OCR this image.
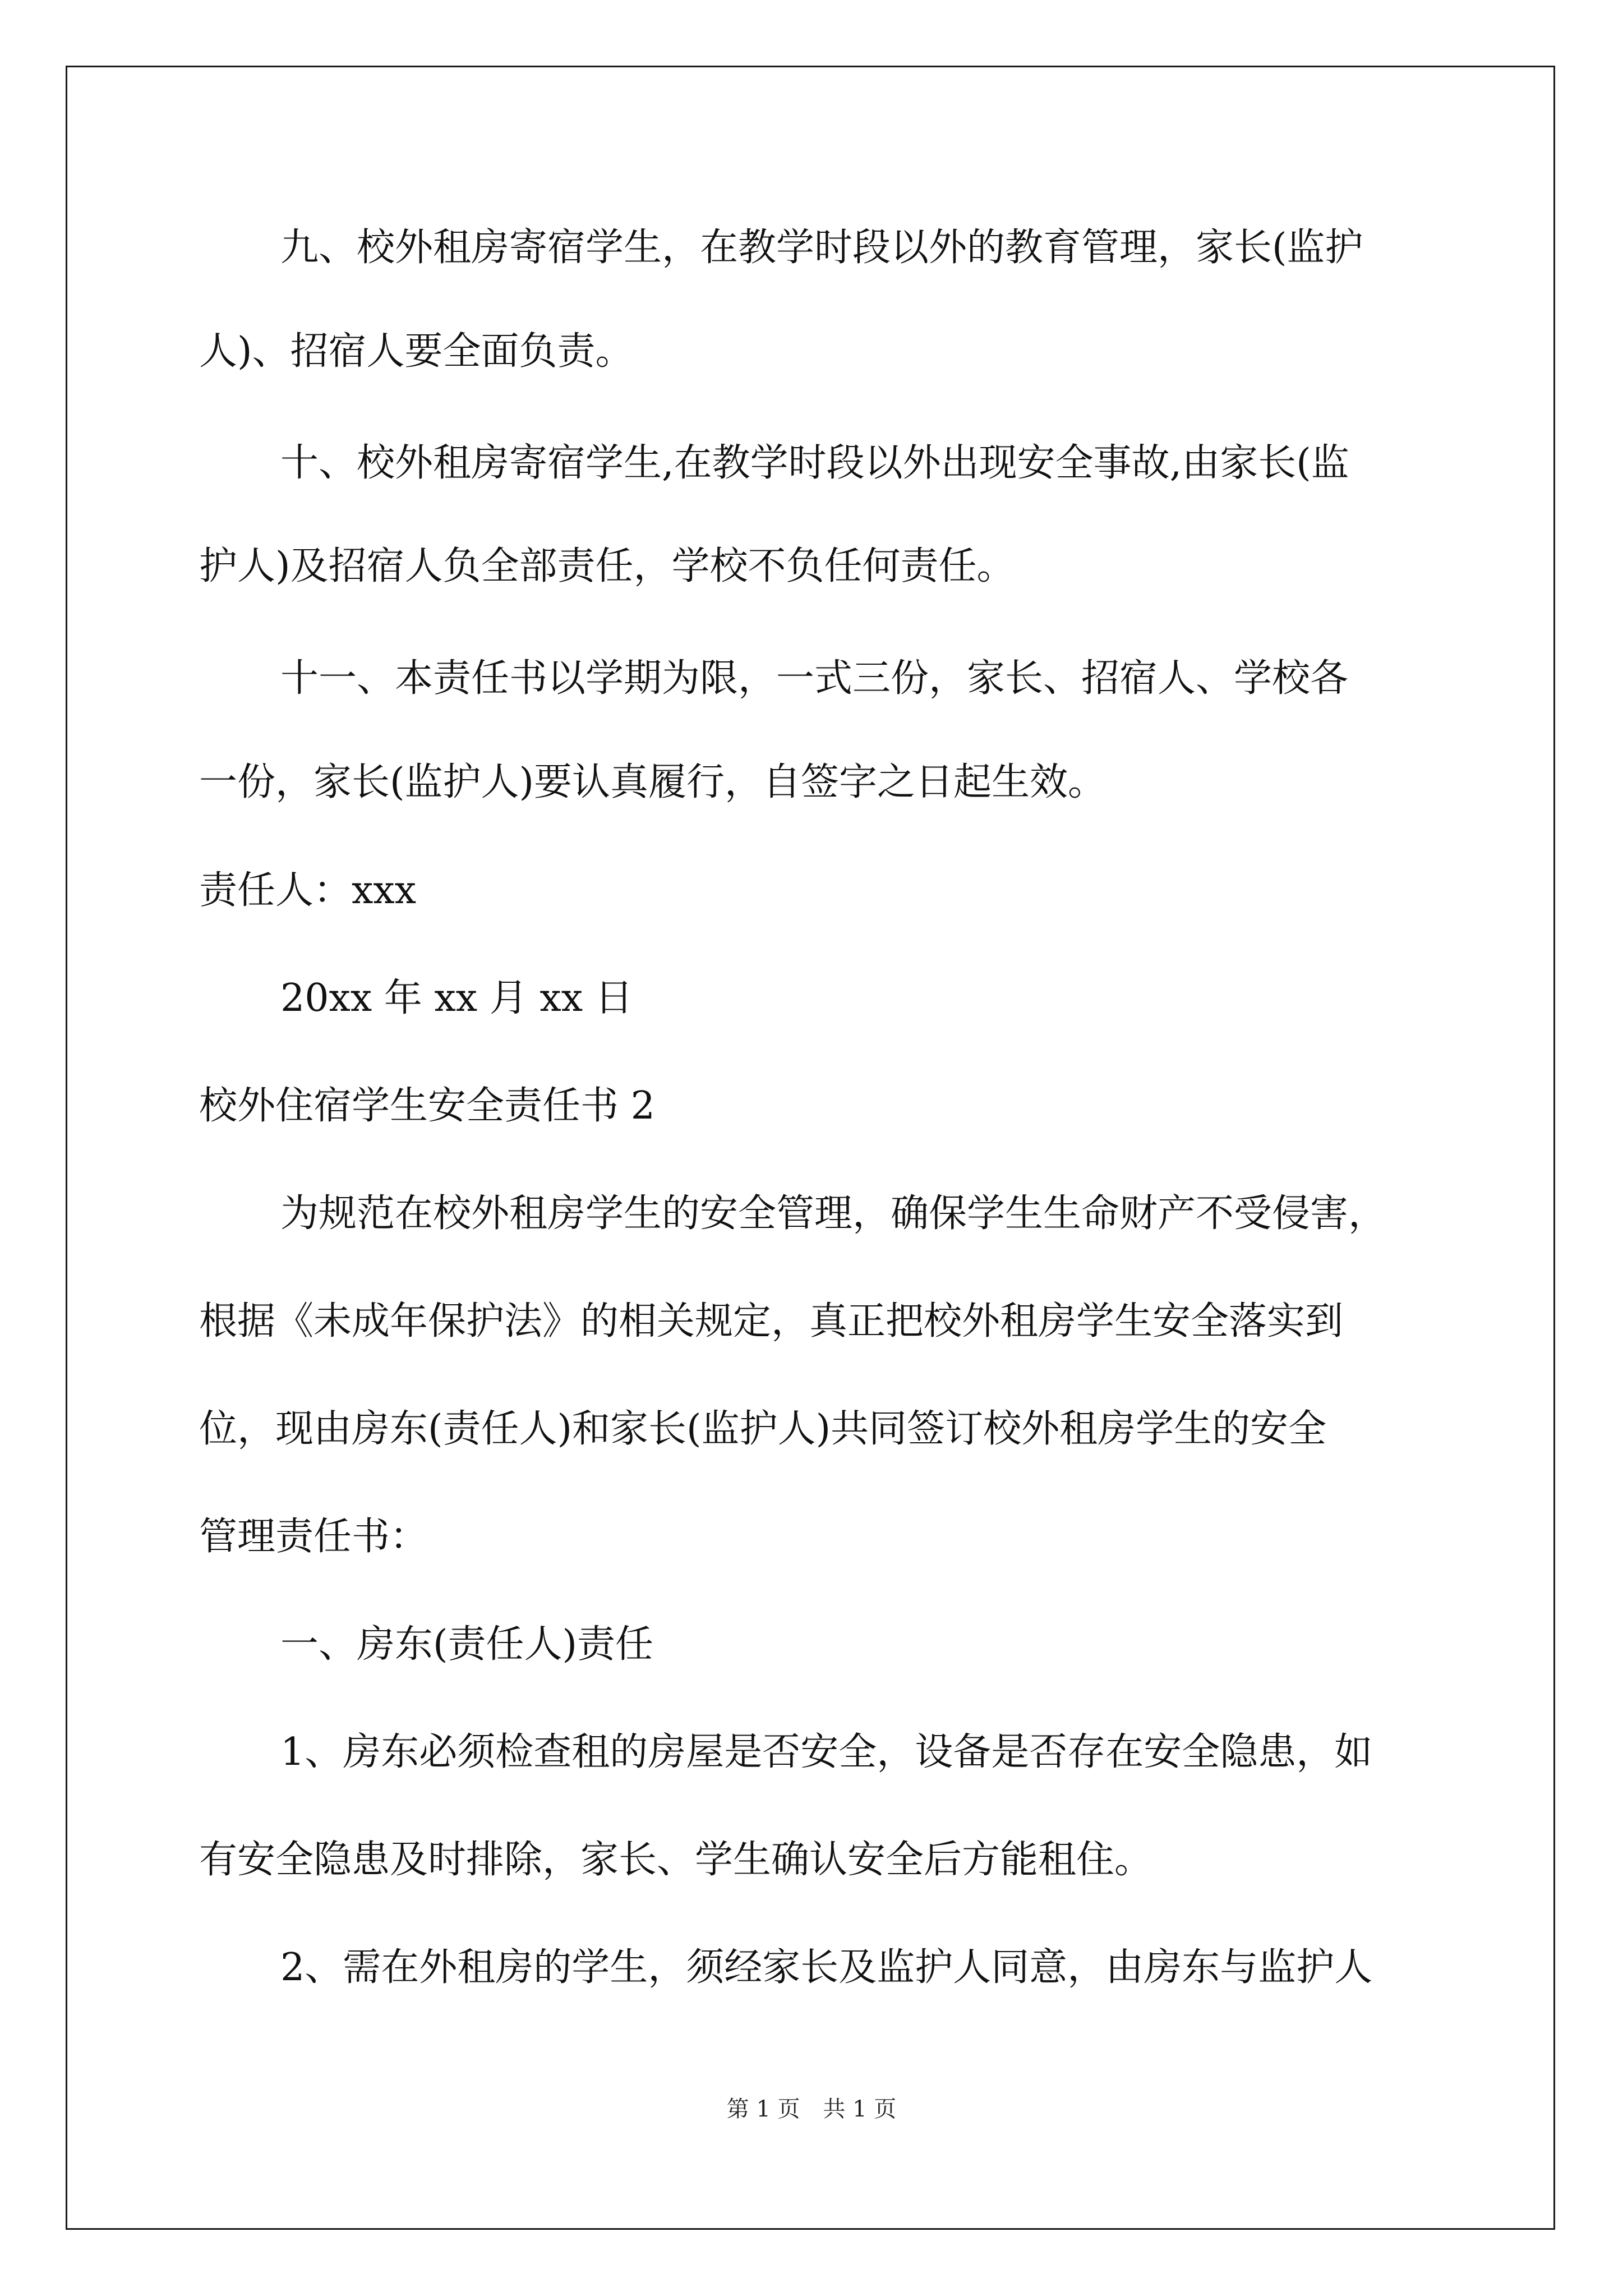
九、校外租房寄宿学生，在教学时段以外的教育管理，家长(监护
人)、招宿人要全面负责。
十、校外租房寄宿学生,在教学时段以外出现安全事故,由家长(监
护人)及招宿人负全部责任，学校不负任何责任。
十一、本责任书以学期为限，一式三份，家长、招宿人、学校各
一份，家长(监护人)要认真履行，自签字之日起生效。
责任人：xxx
20xx 年 xx 月 xx 日
校外住宿学生安全责任书 2
为规范在校外租房学生的安全管理，确保学生生命财产不受侵害，
根据《未成年保护法》的相关规定，真正把校外租房学生安全落实到
位，现由房东(责任人)和家长(监护人)共同签订校外租房学生的安全
管理责任书：
一、房东(责任人)责任
1、房东必须检查租的房屋是否安全，设备是否存在安全隐患，如
有安全隐患及时排除，家长、学生确认安全后方能租住。
2、需在外租房的学生，须经家长及监护人同意，由房东与监护人
第 1 页 共 1 页
